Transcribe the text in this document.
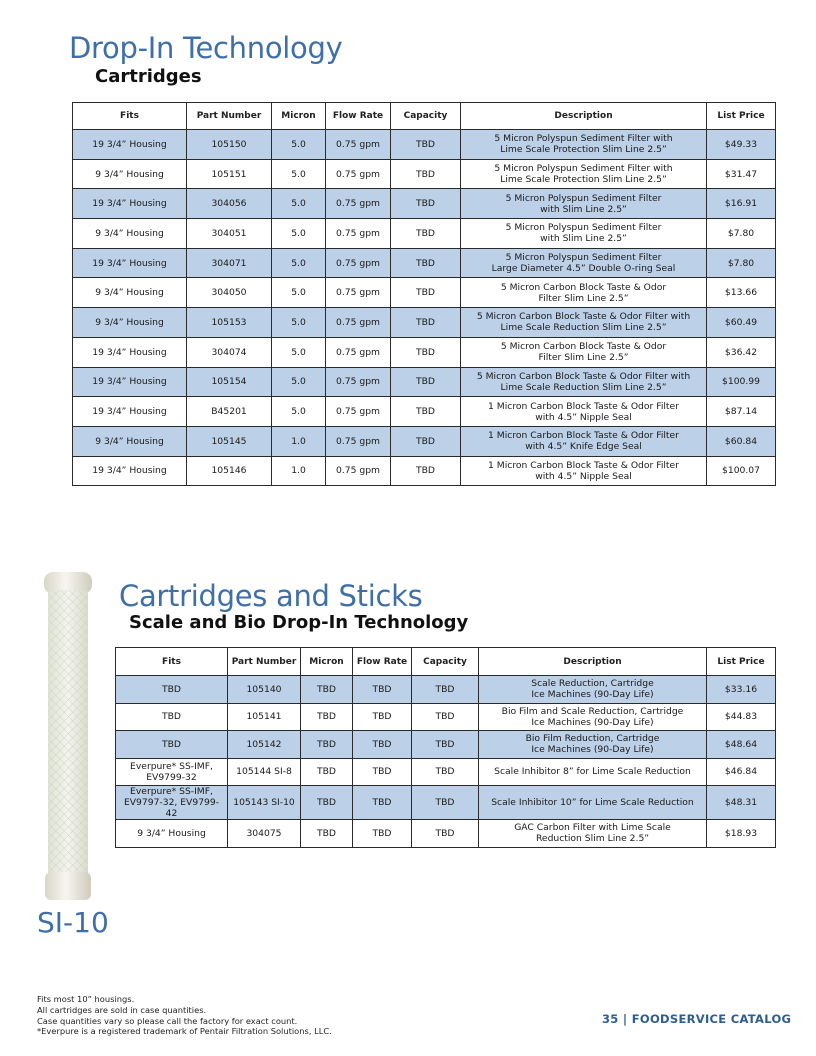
Drop-In Technology
Cartridges
Fits	Part Number	Micron	Flow Rate	Capacity	Description	List Price
19 3/4” Housing	105150	5.0	0.75 gpm	TBD	5 Micron Polyspun Sediment Filter with
Lime Scale Protection Slim Line 2.5”	$49.33
9 3/4” Housing	105151	5.0	0.75 gpm	TBD	5 Micron Polyspun Sediment Filter with
Lime Scale Protection Slim Line 2.5”	$31.47
19 3/4” Housing	304056	5.0	0.75 gpm	TBD	5 Micron Polyspun Sediment Filter
with Slim Line 2.5”	$16.91
9 3/4” Housing	304051	5.0	0.75 gpm	TBD	5 Micron Polyspun Sediment Filter
with Slim Line 2.5”	$7.80
19 3/4” Housing	304071	5.0	0.75 gpm	TBD	5 Micron Polyspun Sediment Filter
Large Diameter 4.5” Double O-ring Seal	$7.80
9 3/4” Housing	304050	5.0	0.75 gpm	TBD	5 Micron Carbon Block Taste & Odor
Filter Slim Line 2.5”	$13.66
9 3/4” Housing	105153	5.0	0.75 gpm	TBD	5 Micron Carbon Block Taste & Odor Filter with
Lime Scale Reduction Slim Line 2.5”	$60.49
19 3/4” Housing	304074	5.0	0.75 gpm	TBD	5 Micron Carbon Block Taste & Odor
Filter Slim Line 2.5”	$36.42
19 3/4” Housing	105154	5.0	0.75 gpm	TBD	5 Micron Carbon Block Taste & Odor Filter with
Lime Scale Reduction Slim Line 2.5”	$100.99
19 3/4” Housing	B45201	5.0	0.75 gpm	TBD	1 Micron Carbon Block Taste & Odor Filter
with 4.5” Nipple Seal	$87.14
9 3/4” Housing	105145	1.0	0.75 gpm	TBD	1 Micron Carbon Block Taste & Odor Filter
with 4.5” Knife Edge Seal	$60.84
19 3/4” Housing	105146	1.0	0.75 gpm	TBD	1 Micron Carbon Block Taste & Odor Filter
with 4.5” Nipple Seal	$100.07
Cartridges and Sticks
Scale and Bio Drop-In Technology
Fits	Part Number	Micron	Flow Rate	Capacity	Description	List Price

TBD	105140	TBD	TBD	TBD	Scale Reduction, Cartridge
Ice Machines (90-Day Life)	$33.16

TBD	105141	TBD	TBD	TBD	Bio Film and Scale Reduction, Cartridge
Ice Machines (90-Day Life)	$44.83

TBD	105142	TBD	TBD	TBD	Bio Film Reduction, Cartridge
Ice Machines (90-Day Life)	$48.64

Everpure* SS-IMF,
EV9799-32	105144 SI-8	TBD	TBD	TBD	Scale Inhibitor 8” for Lime Scale Reduction	$46.84

Everpure* SS-IMF,
EV9797-32, EV9799-42	105143 SI-10	TBD	TBD	TBD	Scale Inhibitor 10” for Lime Scale Reduction	$48.31

9 3/4” Housing	304075	TBD	TBD	TBD	GAC Carbon Filter with Lime Scale
Reduction Slim Line 2.5”	$18.93
SI-10
Fits most 10” housings.
All cartridges are sold in case quantities.
Case quantities vary so please call the factory for exact count.
*Everpure is a registered trademark of Pentair Filtration Solutions, LLC.
35 | FOODSERVICE CATALOG
